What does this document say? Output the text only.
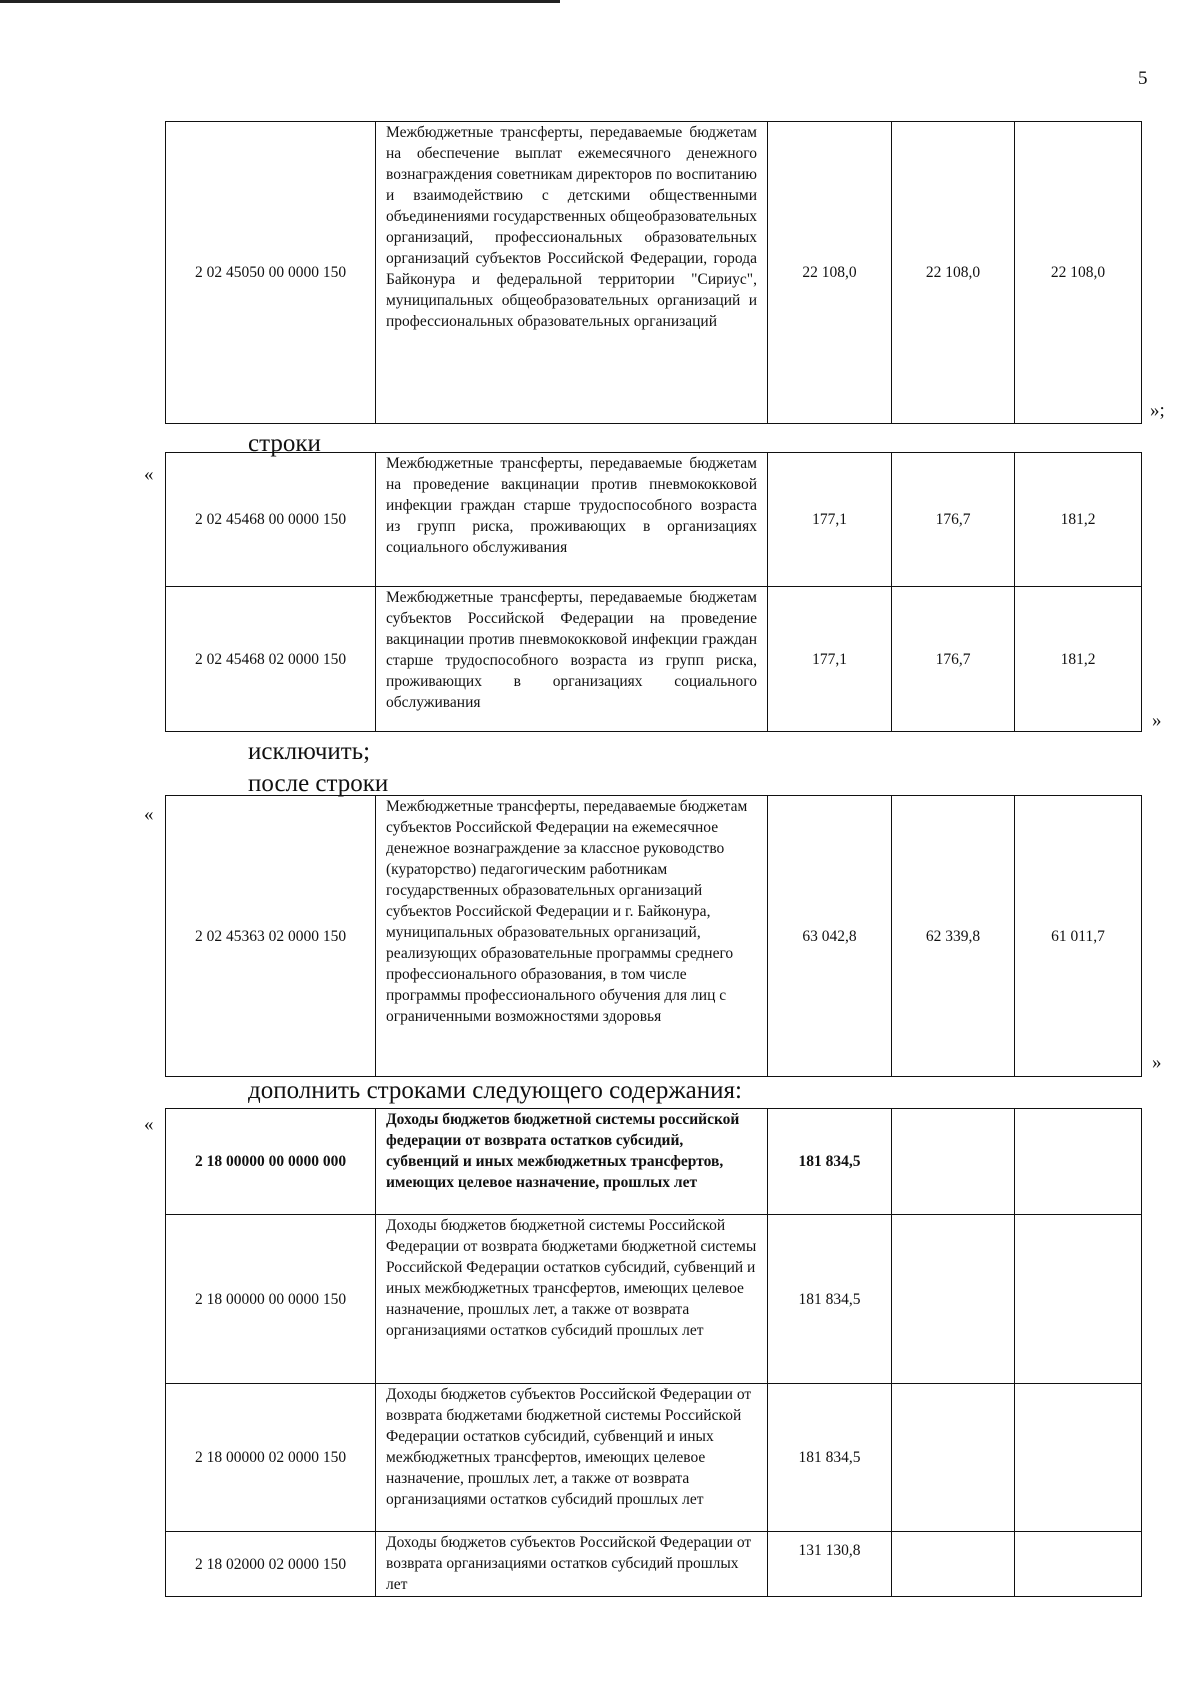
5
2 02 45050 00 0000 150	Межбюджетные трансферты, передаваемые бюджетам на обеспечение выплат ежемесячного денежного вознаграждения советникам директоров по воспитанию и взаимодействию с детскими общественными объединениями государственных общеобразовательных организаций, профессиональных образовательных организаций субъектов Российской Федерации, города Байконура и федеральной территории "Сириус", муниципальных общеобразовательных организаций и профессиональных образовательных организаций	22 108,0	22 108,0	22 108,0
»;
строки
«
2 02 45468 00 0000 150	Межбюджетные трансферты, передаваемые бюджетам на проведение вакцинации против пневмококковой инфекции граждан старше трудоспособного возраста из групп риска, проживающих в организациях социального обслуживания	177,1	176,7	181,2
2 02 45468 02 0000 150	Межбюджетные трансферты, передаваемые бюджетам субъектов Российской Федерации на проведение вакцинации против пневмококковой инфекции граждан старше трудоспособного возраста из групп риска, проживающих в организациях социального обслуживания	177,1	176,7	181,2
»
исключить;
после строки
«
2 02 45363 02 0000 150	Межбюджетные трансферты, передаваемые бюджетам субъектов Российской Федерации на ежемесячное денежное вознаграждение за классное руководство (кураторство) педагогическим работникам государственных образовательных организаций субъектов Российской Федерации и г. Байконура, муниципальных образовательных организаций, реализующих образовательные программы среднего профессионального образования, в том числе программы профессионального обучения для лиц с ограниченными возможностями здоровья	63 042,8	62 339,8	61 011,7
»
дополнить строками следующего содержания:
«
2 18 00000 00 0000 000	Доходы бюджетов бюджетной системы российской федерации от возврата остатков субсидий, субвенций и иных межбюджетных трансфертов, имеющих целевое назначение, прошлых лет	181 834,5		
2 18 00000 00 0000 150	Доходы бюджетов бюджетной системы Российской Федерации от возврата бюджетами бюджетной системы Российской Федерации остатков субсидий, субвенций и иных межбюджетных трансфертов, имеющих целевое назначение, прошлых лет, а также от возврата организациями остатков субсидий прошлых лет	181 834,5		
2 18 00000 02 0000 150	Доходы бюджетов субъектов Российской Федерации от возврата бюджетами бюджетной системы Российской Федерации остатков субсидий, субвенций и иных межбюджетных трансфертов, имеющих целевое назначение, прошлых лет, а также от возврата организациями остатков субсидий прошлых лет	181 834,5		
2 18 02000 02 0000 150	Доходы бюджетов субъектов Российской Федерации от возврата организациями остатков субсидий прошлых лет	131 130,8		
